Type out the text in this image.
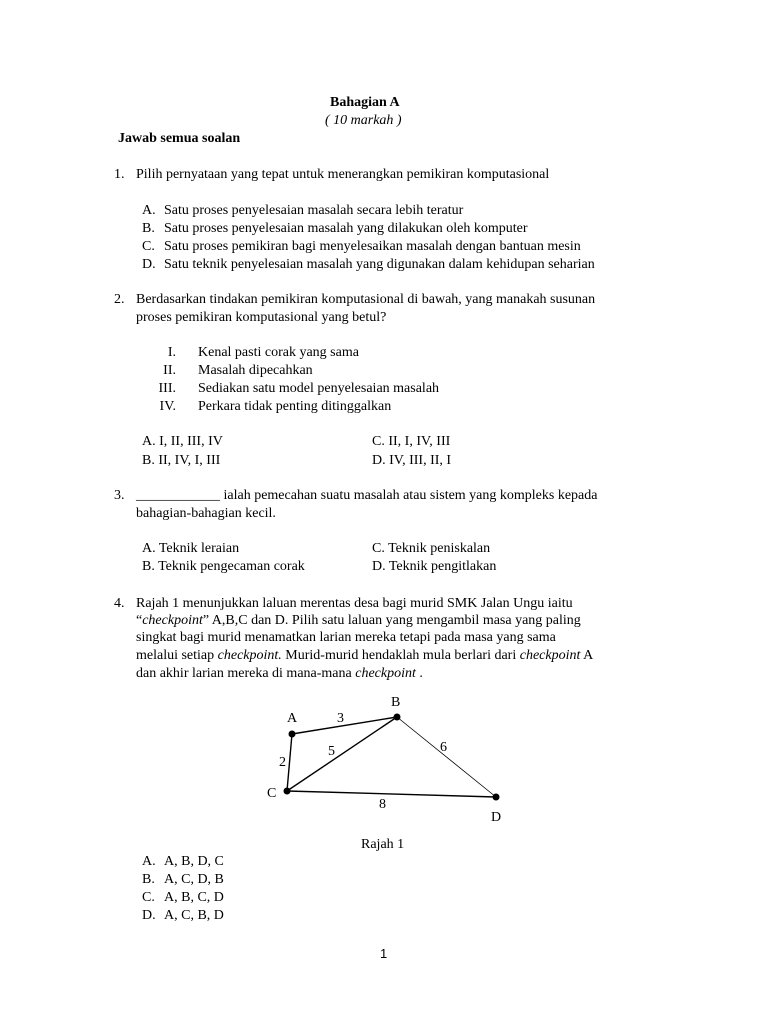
Bahagian A
( 10 markah )
Jawab semua soalan
1. Pilih pernyataan yang tepat untuk menerangkan pemikiran komputasional
A. Satu proses penyelesaian masalah secara lebih teratur
B. Satu proses penyelesaian masalah yang dilakukan oleh komputer
C. Satu proses pemikiran bagi menyelesaikan masalah dengan bantuan mesin
D. Satu teknik penyelesaian masalah yang digunakan dalam kehidupan seharian
2. Berdasarkan tindakan pemikiran komputasional di bawah, yang manakah susunan
proses pemikiran komputasional yang betul?
I. Kenal pasti corak yang sama
II. Masalah dipecahkan
III. Sediakan satu model penyelesaian masalah
IV. Perkara tidak penting ditinggalkan
A. I, II, III, IV
B. II, IV, I, III
C. II, I, IV, III
D. IV, III, II, I
3. ____________ ialah pemecahan suatu masalah atau sistem yang kompleks kepada
bahagian-bahagian kecil.
A. Teknik leraian
B. Teknik pengecaman corak
C. Teknik peniskalan
D. Teknik pengitlakan
4. Rajah 1 menunjukkan laluan merentas desa bagi murid SMK Jalan Ungu iaitu
“checkpoint” A,B,C dan D. Pilih satu laluan yang mengambil masa yang paling
singkat bagi murid menamatkan larian mereka tetapi pada masa yang sama
melalui setiap checkpoint. Murid-murid hendaklah mula berlari dari checkpoint A
dan akhir larian mereka di mana-mana checkpoint .
A
B
C
D
3
5	6
2
8
Rajah 1
A. A, B, D, C
B. A, C, D, B
C. A, B, C, D
D. A, C, B, D
1
